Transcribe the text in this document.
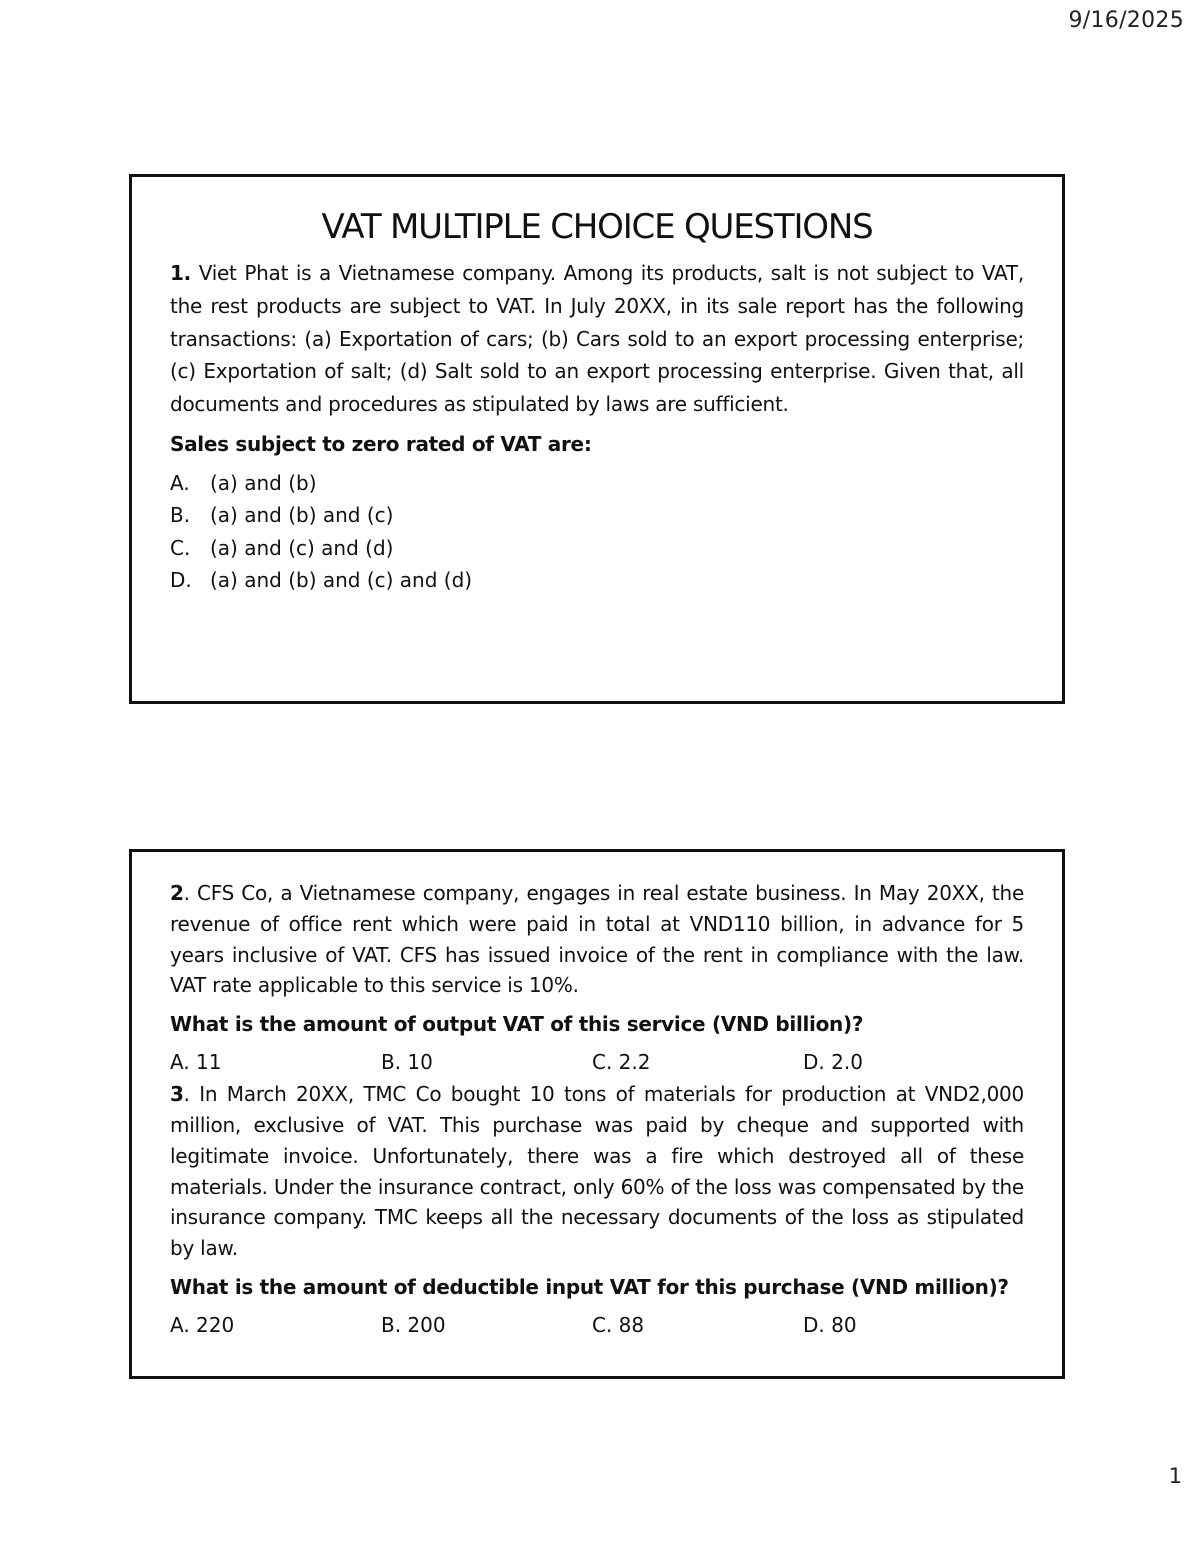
9/16/2025
VAT MULTIPLE CHOICE QUESTIONS
1. Viet Phat is a Vietnamese company. Among its products, salt is not subject to VAT, the rest products are subject to VAT. In July 20XX, in its sale report has the following transactions: (a) Exportation of cars; (b) Cars sold to an export processing enterprise; (c) Exportation of salt; (d) Salt sold to an export processing enterprise. Given that, all documents and procedures as stipulated by laws are sufficient.
Sales subject to zero rated of VAT are:
A.	(a) and (b)
B. (a) and (b) and (c)
C. (a) and (c) and (d)
D. (a) and (b) and (c) and (d)
2. CFS Co, a Vietnamese company, engages in real estate business. In May 20XX, the revenue of office rent which were paid in total at VND110 billion, in advance for 5 years inclusive of VAT. CFS has issued invoice of the rent in compliance with the law. VAT rate applicable to this service is 10%.
What is the amount of output VAT of this service (VND billion)?
A. 11	B. 10	C. 2.2	D. 2.0
3. In March 20XX, TMC Co bought 10 tons of materials for production at VND2,000 million, exclusive of VAT. This purchase was paid by cheque and supported with legitimate invoice. Unfortunately, there was a fire which destroyed all of these materials. Under the insurance contract, only 60% of the loss was compensated by the insurance company. TMC keeps all the necessary documents of the loss as stipulated by law.
What is the amount of deductible input VAT for this purchase (VND million)?
A. 220	B. 200	C. 88	D. 80
1
